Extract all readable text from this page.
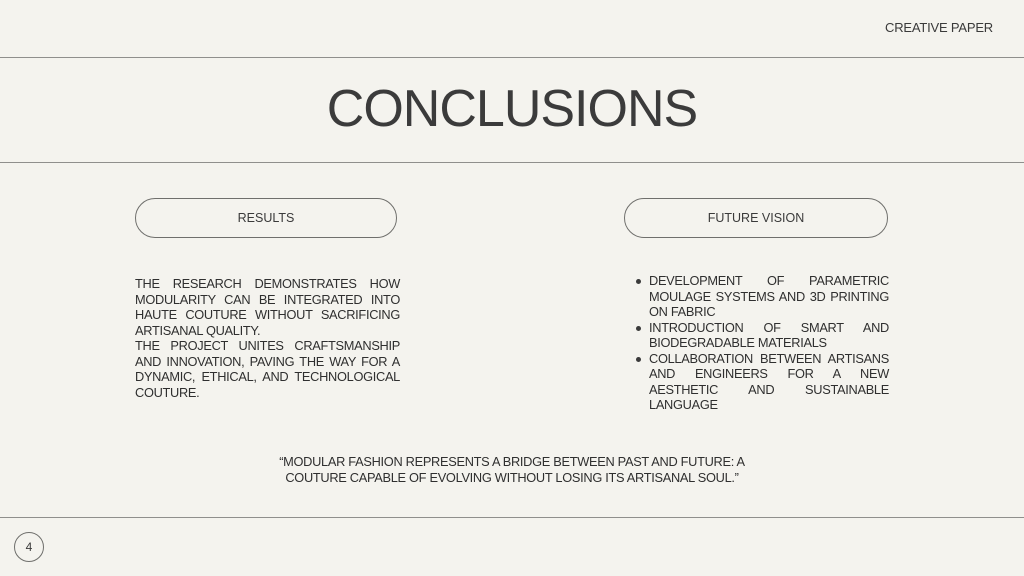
CREATIVE PAPER
CONCLUSIONS
RESULTS	FUTURE VISION

THE RESEARCH DEMONSTRATES HOW MODULARITY CAN BE INTEGRATED INTO HAUTE COUTURE WITHOUT SACRIFICING ARTISANAL QUALITY.

THE PROJECT UNITES CRAFTSMANSHIP AND INNOVATION, PAVING THE WAY FOR A DYNAMIC, ETHICAL, AND TECHNOLOGICAL COUTURE.

DEVELOPMENT OF PARAMETRIC MOULAGE SYSTEMS AND 3D PRINTING ON FABRIC
INTRODUCTION OF SMART AND BIODEGRADABLE MATERIALS
COLLABORATION BETWEEN ARTISANS AND ENGINEERS FOR A NEW AESTHETIC AND SUSTAINABLE LANGUAGE
“MODULAR FASHION REPRESENTS A BRIDGE BETWEEN PAST AND FUTURE: A COUTURE CAPABLE OF EVOLVING WITHOUT LOSING ITS ARTISANAL SOUL.”
4
